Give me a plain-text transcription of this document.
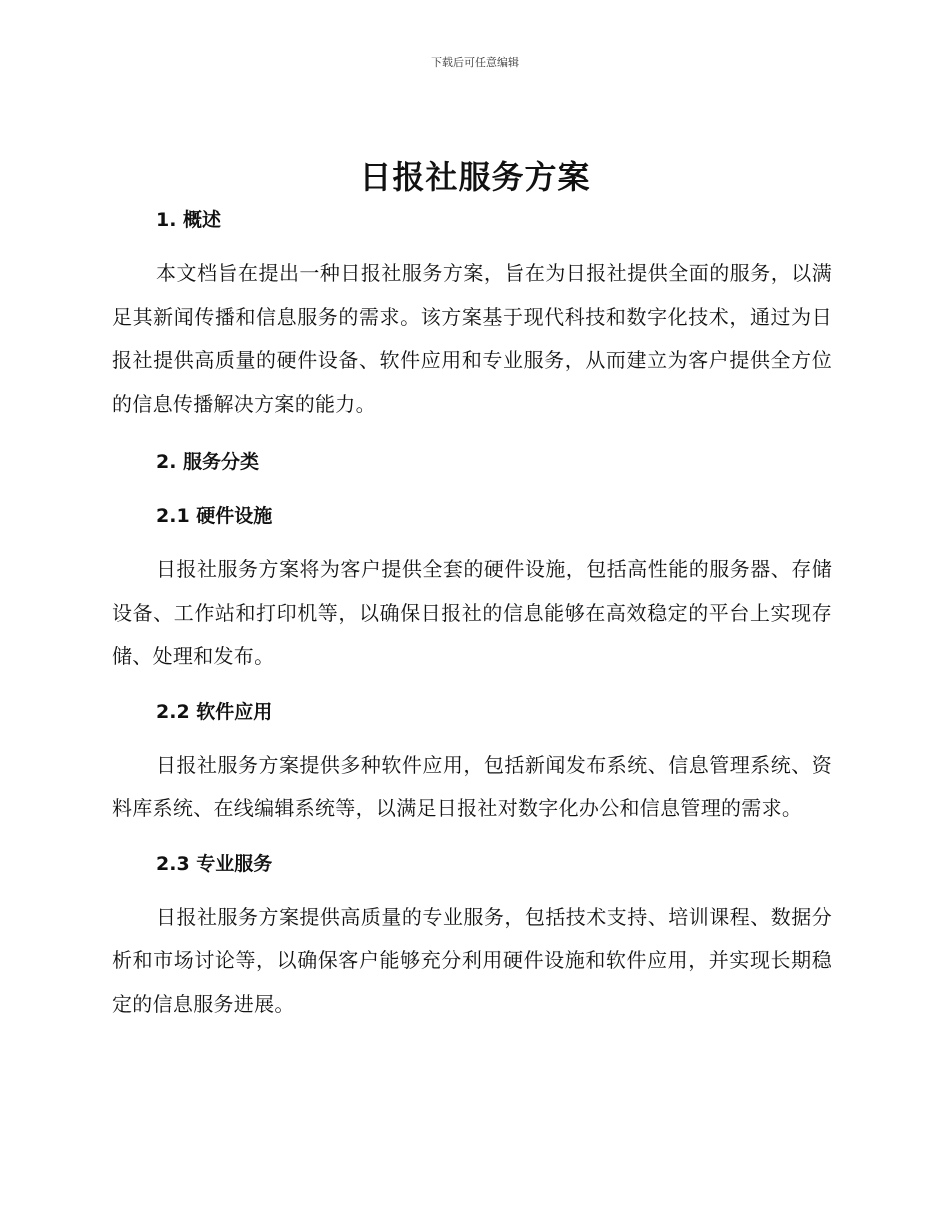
下载后可任意编辑
日报社服务方案
1. 概述

本文档旨在提出一种日报社服务方案，旨在为日报社提供全面的服务，以满足其新闻传播和信息服务的需求。该方案基于现代科技和数字化技术，通过为日报社提供高质量的硬件设备、软件应用和专业服务，从而建立为客户提供全方位的信息传播解决方案的能力。

2. 服务分类
2.1 硬件设施

日报社服务方案将为客户提供全套的硬件设施，包括高性能的服务器、存储设备、工作站和打印机等，以确保日报社的信息能够在高效稳定的平台上实现存储、处理和发布。

2.2 软件应用

日报社服务方案提供多种软件应用，包括新闻发布系统、信息管理系统、资料库系统、在线编辑系统等，以满足日报社对数字化办公和信息管理的需求。

2.3 专业服务

日报社服务方案提供高质量的专业服务，包括技术支持、培训课程、数据分析和市场讨论等，以确保客户能够充分利用硬件设施和软件应用，并实现长期稳定的信息服务进展。
